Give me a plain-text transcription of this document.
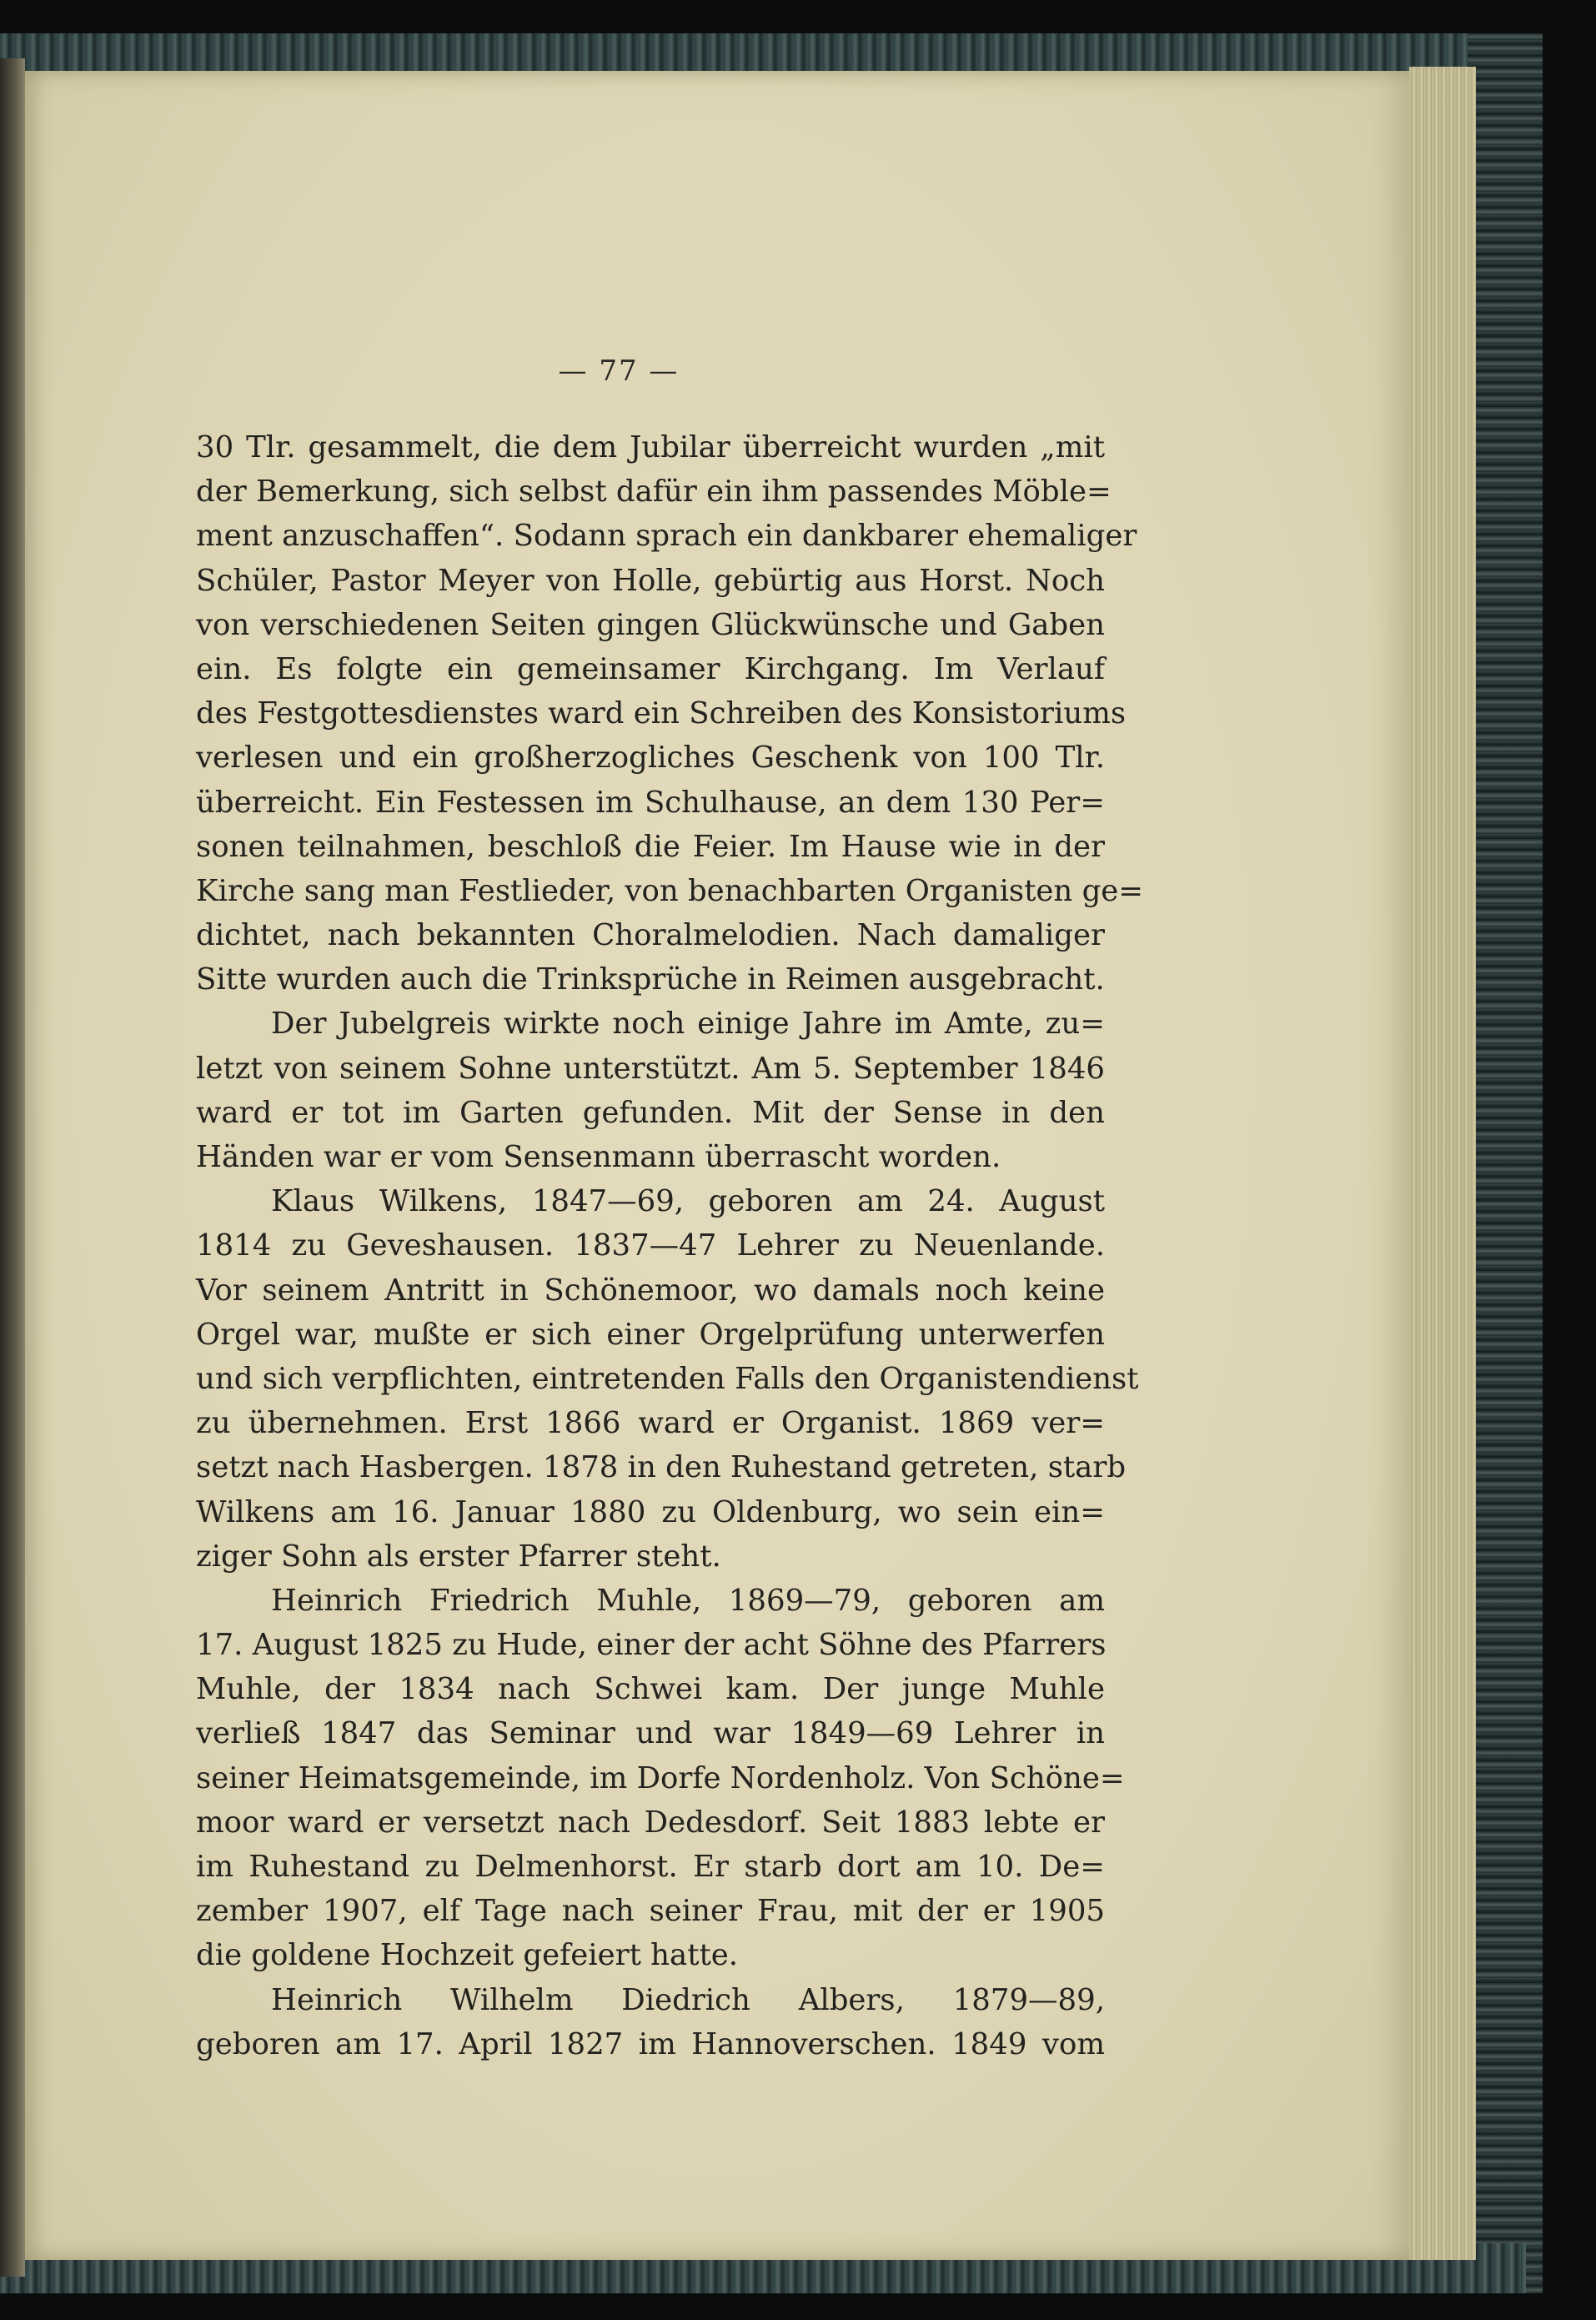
— 77 —
30 Tlr. gesammelt, die dem Jubilar überreicht wurden „mit
der Bemerkung, sich selbst dafür ein ihm passendes Möble=
ment anzuschaffen“. Sodann sprach ein dankbarer ehemaliger
Schüler, Pastor Meyer von Holle, gebürtig aus Horst. Noch
von verschiedenen Seiten gingen Glückwünsche und Gaben
ein. Es folgte ein gemeinsamer Kirchgang. Im Verlauf
des Festgottesdienstes ward ein Schreiben des Konsistoriums
verlesen und ein großherzogliches Geschenk von 100 Tlr.
überreicht. Ein Festessen im Schulhause, an dem 130 Per=
sonen teilnahmen, beschloß die Feier. Im Hause wie in der
Kirche sang man Festlieder, von benachbarten Organisten ge=
dichtet, nach bekannten Choralmelodien. Nach damaliger
Sitte wurden auch die Trinksprüche in Reimen ausgebracht.
Der Jubelgreis wirkte noch einige Jahre im Amte, zu=
letzt von seinem Sohne unterstützt. Am 5. September 1846
ward er tot im Garten gefunden. Mit der Sense in den
Händen war er vom Sensenmann überrascht worden.
Klaus Wilkens, 1847—69, geboren am 24. August
1814 zu Geveshausen. 1837—47 Lehrer zu Neuenlande.
Vor seinem Antritt in Schönemoor, wo damals noch keine
Orgel war, mußte er sich einer Orgelprüfung unterwerfen
und sich verpflichten, eintretenden Falls den Organistendienst
zu übernehmen. Erst 1866 ward er Organist. 1869 ver=
setzt nach Hasbergen. 1878 in den Ruhestand getreten, starb
Wilkens am 16. Januar 1880 zu Oldenburg, wo sein ein=
ziger Sohn als erster Pfarrer steht.
Heinrich Friedrich Muhle, 1869—79, geboren am
17. August 1825 zu Hude, einer der acht Söhne des Pfarrers
Muhle, der 1834 nach Schwei kam. Der junge Muhle
verließ 1847 das Seminar und war 1849—69 Lehrer in
seiner Heimatsgemeinde, im Dorfe Nordenholz. Von Schöne=
moor ward er versetzt nach Dedesdorf. Seit 1883 lebte er
im Ruhestand zu Delmenhorst. Er starb dort am 10. De=
zember 1907, elf Tage nach seiner Frau, mit der er 1905
die goldene Hochzeit gefeiert hatte.
Heinrich Wilhelm Diedrich Albers, 1879—89,
geboren am 17. April 1827 im Hannoverschen. 1849 vom
